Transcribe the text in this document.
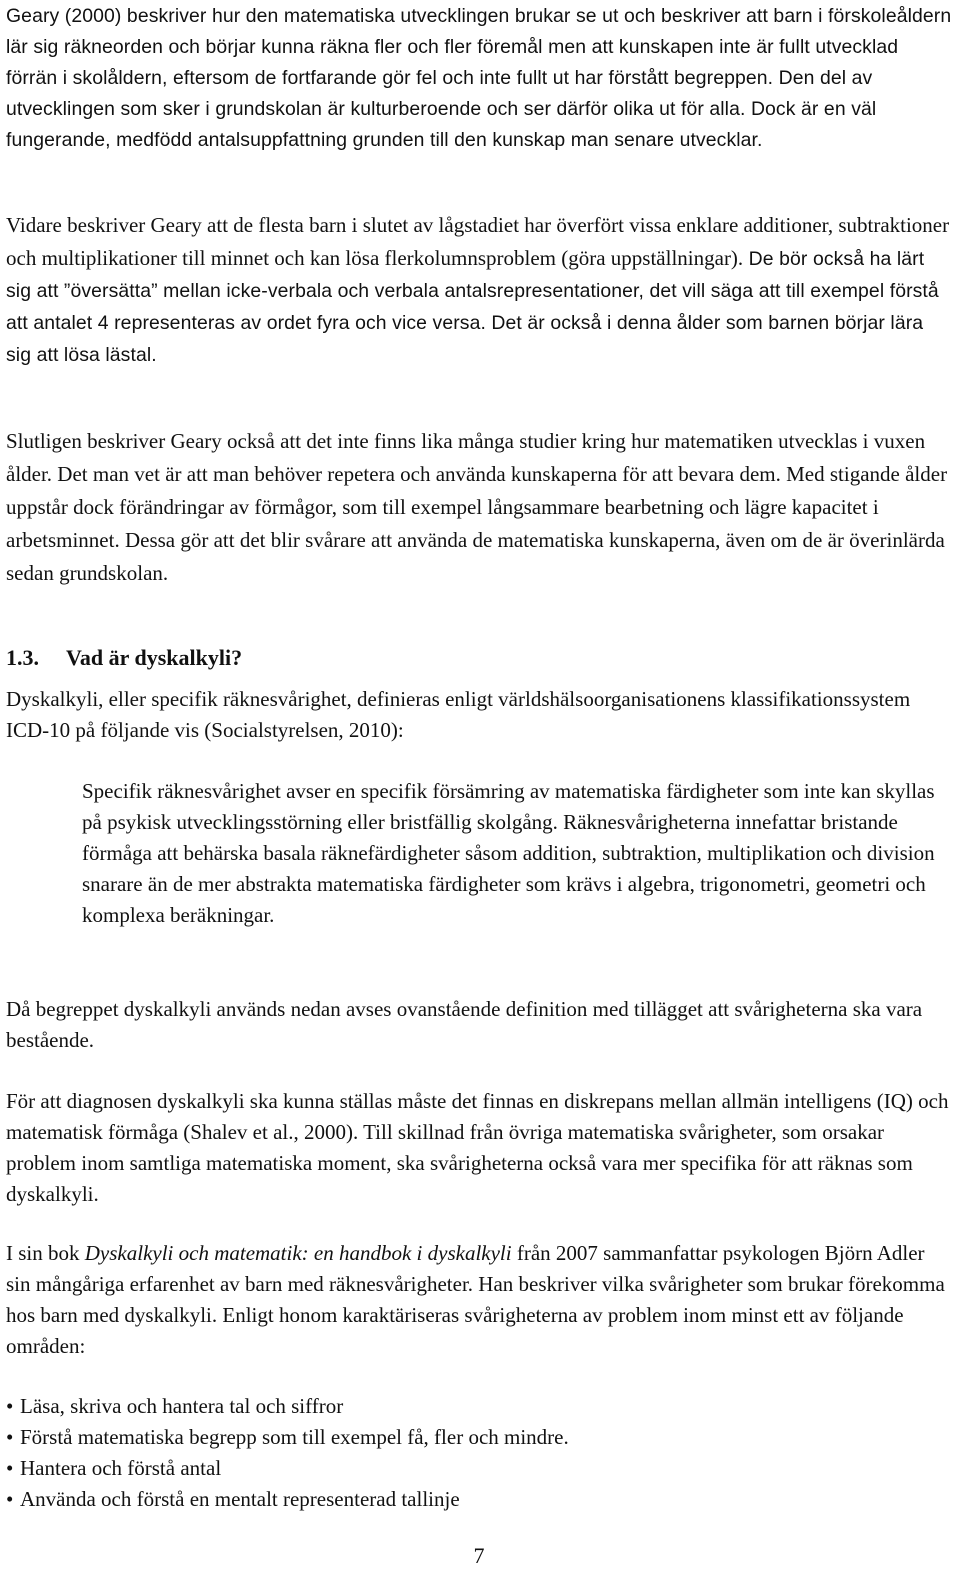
Geary (2000) beskriver hur den matematiska utvecklingen brukar se ut och beskriver att barn i förskoleåldern lär sig räkneorden och börjar kunna räkna fler och fler föremål men att kunskapen inte är fullt utvecklad förrän i skolåldern, eftersom de fortfarande gör fel och inte fullt ut har förstått begreppen. Den del av utvecklingen som sker i grundskolan är kulturberoende och ser därför olika ut för alla. Dock är en väl fungerande, medfödd antalsuppfattning grunden till den kunskap man senare utvecklar.

Vidare beskriver Geary att de flesta barn i slutet av lågstadiet har överfört vissa enklare additioner, subtraktioner och multiplikationer till minnet och kan lösa flerkolumnsproblem (göra uppställningar). De bör också ha lärt sig att ”översätta” mellan icke-verbala och verbala antalsrepresentationer, det vill säga att till exempel förstå att antalet 4 representeras av ordet fyra och vice versa. Det är också i denna ålder som barnen börjar lära sig att lösa lästal.

Slutligen beskriver Geary också att det inte finns lika många studier kring hur matematiken utvecklas i vuxen ålder. Det man vet är att man behöver repetera och använda kunskaperna för att bevara dem. Med stigande ålder uppstår dock förändringar av förmågor, som till exempel långsammare bearbetning och lägre kapacitet i arbetsminnet. Dessa gör att det blir svårare att använda de matematiska kunskaperna, även om de är överinlärda sedan grundskolan.

1.3. Vad är dyskalkyli?

Dyskalkyli, eller specifik räknesvårighet, definieras enligt världshälsoorganisationens klassifikationssystem ICD-10 på följande vis (Socialstyrelsen, 2010):

Specifik räknesvårighet avser en specifik försämring av matematiska färdigheter som inte kan skyllas på psykisk utvecklingsstörning eller bristfällig skolgång. Räknesvårigheterna innefattar bristande förmåga att behärska basala räknefärdigheter såsom addition, subtraktion, multiplikation och division snarare än de mer abstrakta matematiska färdigheter som krävs i algebra, trigonometri, geometri och komplexa beräkningar.

Då begreppet dyskalkyli används nedan avses ovanstående definition med tillägget att svårigheterna ska vara bestående.

För att diagnosen dyskalkyli ska kunna ställas måste det finnas en diskrepans mellan allmän intelligens (IQ) och matematisk förmåga (Shalev et al., 2000). Till skillnad från övriga matematiska svårigheter, som orsakar problem inom samtliga matematiska moment, ska svårigheterna också vara mer specifika för att räknas som dyskalkyli.

I sin bok Dyskalkyli och matematik: en handbok i dyskalkyli från 2007 sammanfattar psykologen Björn Adler sin mångåriga erfarenhet av barn med räknesvårigheter. Han beskriver vilka svårigheter som brukar förekomma hos barn med dyskalkyli. Enligt honom karaktäriseras svårigheterna av problem inom minst ett av följande områden:

• Läsa, skriva och hantera tal och siffror
• Förstå matematiska begrepp som till exempel få, fler och mindre.
• Hantera och förstå antal
• Använda och förstå en mentalt representerad tallinje
7
